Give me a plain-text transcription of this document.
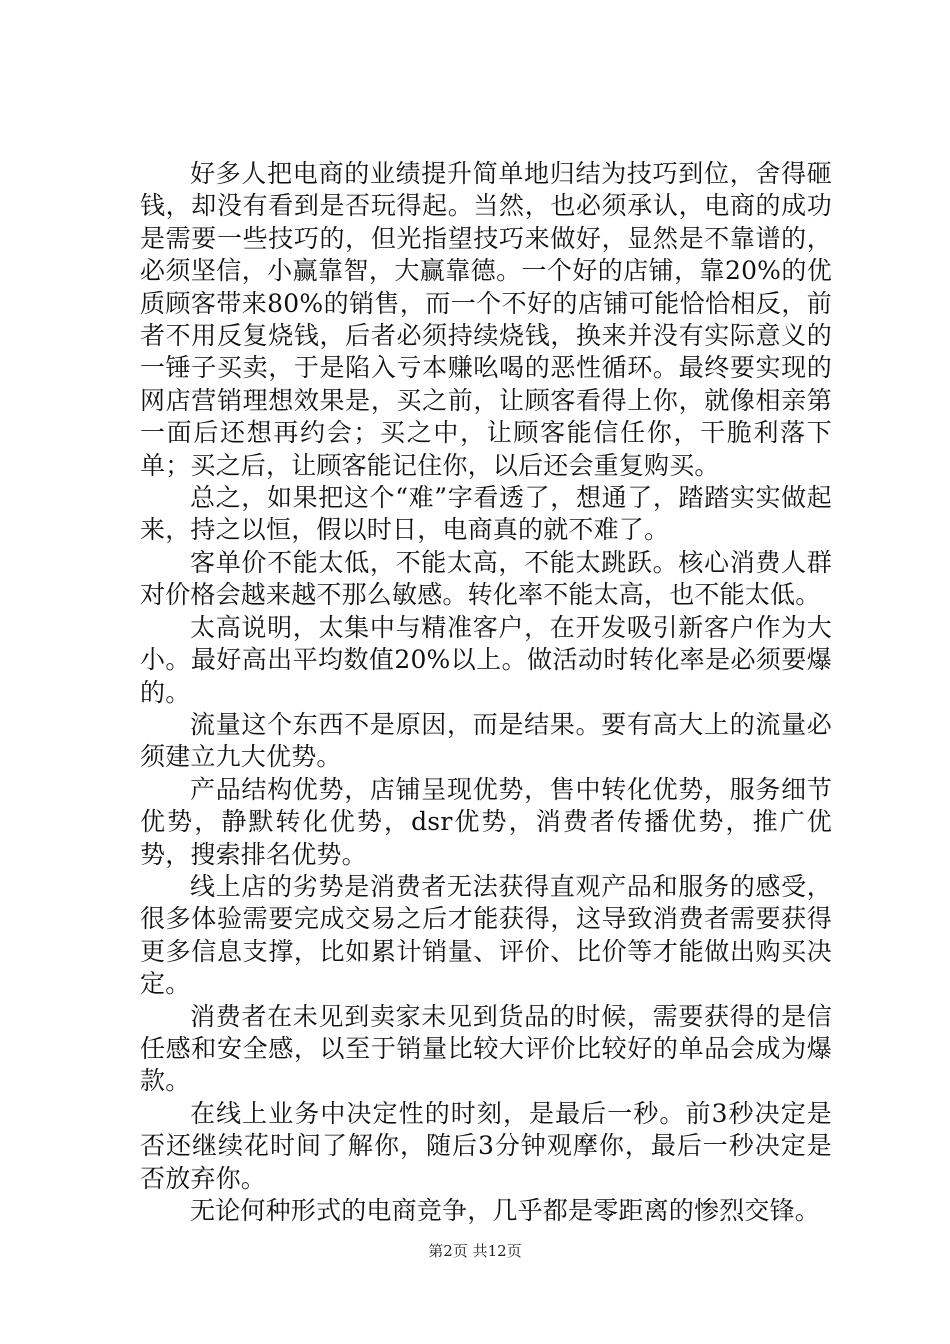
好多人把电商的业绩提升简单地归结为技巧到位，舍得砸钱，却没有看到是否玩得起。当然，也必须承认，电商的成功是需要一些技巧的，但光指望技巧来做好，显然是不靠谱的，必须坚信，小赢靠智，大赢靠德。一个好的店铺，靠20%的优质顾客带来80%的销售，而一个不好的店铺可能恰恰相反，前者不用反复烧钱，后者必须持续烧钱，换来并没有实际意义的一锤子买卖，于是陷入亏本赚吆喝的恶性循环。最终要实现的网店营销理想效果是，买之前，让顾客看得上你，就像相亲第一面后还想再约会；买之中，让顾客能信任你，干脆利落下单；买之后，让顾客能记住你，以后还会重复购买。

总之，如果把这个“难”字看透了，想通了，踏踏实实做起来，持之以恒，假以时日，电商真的就不难了。

客单价不能太低，不能太高，不能太跳跃。核心消费人群对价格会越来越不那么敏感。转化率不能太高，也不能太低。

太高说明，太集中与精准客户，在开发吸引新客户作为大小。最好高出平均数值20%以上。做活动时转化率是必须要爆的。

流量这个东西不是原因，而是结果。要有高大上的流量必须建立九大优势。

产品结构优势，店铺呈现优势，售中转化优势，服务细节优势，静默转化优势，dsr优势，消费者传播优势，推广优势，搜索排名优势。

线上店的劣势是消费者无法获得直观产品和服务的感受，很多体验需要完成交易之后才能获得，这导致消费者需要获得更多信息支撑，比如累计销量、评价、比价等才能做出购买决定。

消费者在未见到卖家未见到货品的时候，需要获得的是信任感和安全感，以至于销量比较大评价比较好的单品会成为爆款。

在线上业务中决定性的时刻，是最后一秒。前3秒决定是否还继续花时间了解你，随后3分钟观摩你，最后一秒决定是否放弃你。

无论何种形式的电商竞争，几乎都是零距离的惨烈交锋。

第2页 共12页
